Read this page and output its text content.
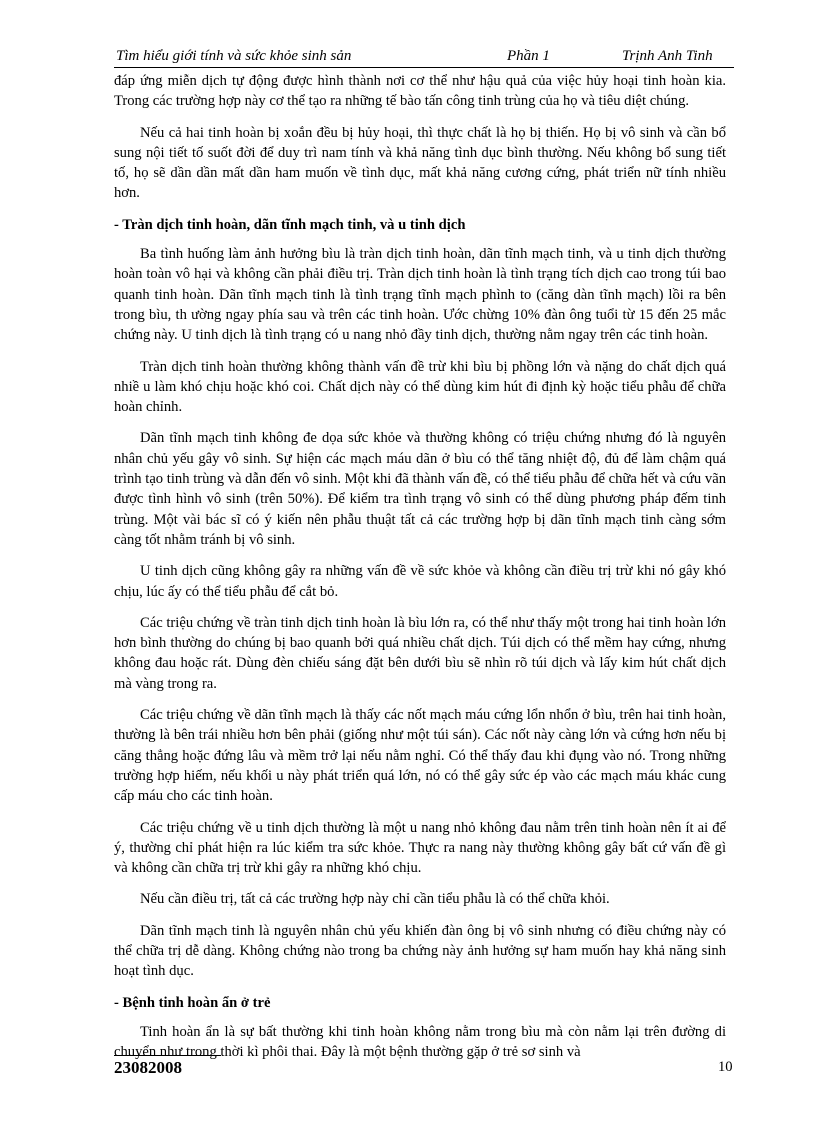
Tìm hiểu giới tính và sức khỏe sinh sản	Phần 1	Trịnh Anh Tinh

đáp ứng miễn dịch tự động được hình thành nơi cơ thể như hậu quả của việc hủy hoại tinh hoàn kia. Trong các trường hợp này cơ thể tạo ra những tế bào tấn công tinh trùng của họ và tiêu diệt chúng.

Nếu cả hai tinh hoàn bị xoắn đều bị hủy hoại, thì thực chất là họ bị thiến. Họ bị vô sinh và cần bổ sung nội tiết tố suốt đời để duy trì nam tính và khả năng tình dục bình thường. Nếu không bổ sung tiết tố, họ sẽ dần dần mất dần ham muốn về tình dục, mất khả năng cương cứng, phát triển nữ tính nhiều hơn.

- Tràn dịch tinh hoàn, dãn tĩnh mạch tinh, và u tinh dịch

Ba tình huống làm ảnh hưởng bìu là tràn dịch tinh hoàn, dãn tĩnh mạch tinh, và u tinh dịch thường hoàn toàn vô hại và không cần phải điều trị. Tràn dịch tinh hoàn là tình trạng tích dịch cao trong túi bao quanh tinh hoàn. Dãn tĩnh mạch tinh là tình trạng tĩnh mạch phình to (căng dàn tĩnh mạch) lồi ra bên trong bìu, th ường ngay phía sau và trên các tinh hoàn. Ước chừng 10% đàn ông tuổi từ 15 đến 25 mắc chứng này. U tinh dịch là tình trạng có u nang nhỏ đầy tinh dịch, thường nằm ngay trên các tinh hoàn.

Tràn dịch tinh hoàn thường không thành vấn đề trừ khi bìu bị phồng lớn và nặng do chất dịch quá nhiề u làm khó chịu hoặc khó coi. Chất dịch này có thể dùng kim hút đi định kỳ hoặc tiểu phẫu để chữa hoàn chỉnh.

Dãn tĩnh mạch tinh không đe dọa sức khỏe và thường không có triệu chứng nhưng đó là nguyên nhân chủ yếu gây vô sinh. Sự hiện các mạch máu dãn ở bìu có thể tăng nhiệt độ, đủ để làm chậm quá trình tạo tinh trùng và dẫn đến vô sinh. Một khi đã thành vấn đề, có thể tiểu phẫu để chữa hết và cứu vãn được tình hình vô sinh (trên 50%). Để kiểm tra tình trạng vô sinh có thể dùng phương pháp đếm tinh trùng. Một vài bác sĩ có ý kiến nên phẫu thuật tất cả các trường hợp bị dãn tĩnh mạch tinh càng sớm càng tốt nhằm tránh bị vô sinh.

U tinh dịch cũng không gây ra những vấn đề về sức khỏe và không cần điều trị trừ khi nó gây khó chịu, lúc ấy có thể tiểu phẫu để cắt bỏ.

Các triệu chứng về tràn tinh dịch tinh hoàn là bìu lớn ra, có thể như thấy một trong hai tinh hoàn lớn hơn bình thường do chúng bị bao quanh bởi quá nhiều chất dịch. Túi dịch có thể mềm hay cứng, nhưng không đau hoặc rát. Dùng đèn chiếu sáng đặt bên dưới bìu sẽ nhìn rõ túi dịch và lấy kim hút chất dịch mà vàng trong ra.

Các triệu chứng về dãn tĩnh mạch là thấy các nốt mạch máu cứng lổn nhổn ở bìu, trên hai tinh hoàn, thường là bên trái nhiều hơn bên phải (giống như một túi sán). Các nốt này càng lớn và cứng hơn nếu bị căng thẳng hoặc đứng lâu và mềm trở lại nếu nằm nghỉ. Có thể thấy đau khi đụng vào nó. Trong những trường hợp hiếm, nếu khối u này phát triển quá lớn, nó có thể gây sức ép vào các mạch máu khác cung cấp máu cho các tinh hoàn.

Các triệu chứng về u tinh dịch thường là một u nang nhỏ không đau nằm trên tinh hoàn nên ít ai để ý, thường chỉ phát hiện ra lúc kiểm tra sức khỏe. Thực ra nang này thường không gây bất cứ vấn đề gì và không cần chữa trị trừ khi gây ra những khó chịu.

Nếu cần điều trị, tất cả các trường hợp này chỉ cần tiểu phẫu là có thể chữa khỏi.

Dãn tĩnh mạch tinh là nguyên nhân chủ yếu khiến đàn ông bị vô sinh nhưng có điều chứng này có thể chữa trị dễ dàng. Không chứng nào trong ba chứng này ảnh hưởng sự ham muốn hay khả năng sinh hoạt tình dục.

- Bệnh tinh hoàn ẩn ở trẻ

Tinh hoàn ẩn là sự bất thường khi tinh hoàn không nằm trong bìu mà còn nằm lại trên đường di chuyển như trong thời kì phôi thai. Đây là một bệnh thường gặp ở trẻ sơ sinh và

23082008	10
